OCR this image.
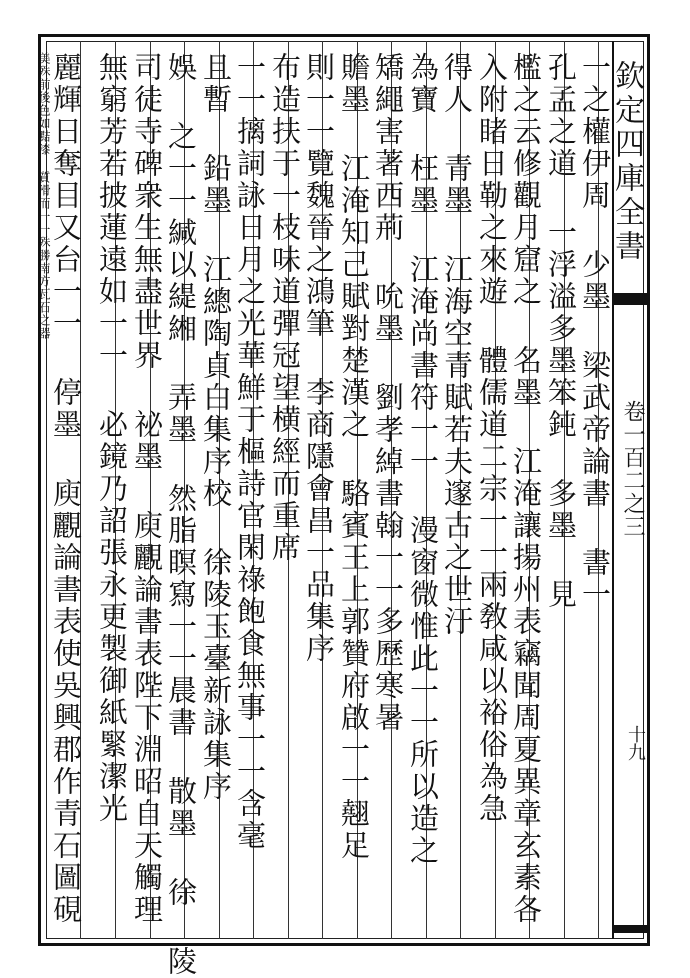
一之權伊周 少墨 梁武帝論書 書一
孔孟之道 一浮溢多墨笨鈍 多墨 見
檻之云修觀月窟之 名墨 江淹讓揚州表竊聞周夏異章玄素各
入附睹日勒之來遊 體儒道二宗一一兩敎咸以裕俗為急
得人 青墨 江海空青賦若夫邃古之世汙
為寶 枉墨 江淹尚書符一一 漫窗微惟此一一所以造之
矯繩害著西荊 吮墨 劉孝綽書翰一一多歷寒暑
贍墨 江淹知己賦對楚漢之 駱賓王上郭贊府啟一一翹足
則一一覽魏晉之鴻筆 李商隱會昌一品集序
布造扶于一枝味道彈冠望横經而重席
一一摛詞詠日月之光華鮮于樞詩官閑祿飽食無事一一含毫
且暫 鉛墨 江總陶貞白集序校 徐陵玉臺新詠集序
娛 之一一緘以緹緗 弄墨 然脂瞑寫一一晨書 散墨 徐 陵
司徒寺碑衆生無盡世界 祕墨 庾䚕論書表陛下淵昭自天觸理
無窮芳若披蓮遠如一一 必鏡乃詔張永更製御紙緊潔光
麗輝日奪目又台一一 停墨 庾䚕論書表使吳興郡作青石圖硯
美殊前後色如黠漆 質滑而一一殊勝南方瓦石之器	欽定四庫全書
卷一百二之三
十九
